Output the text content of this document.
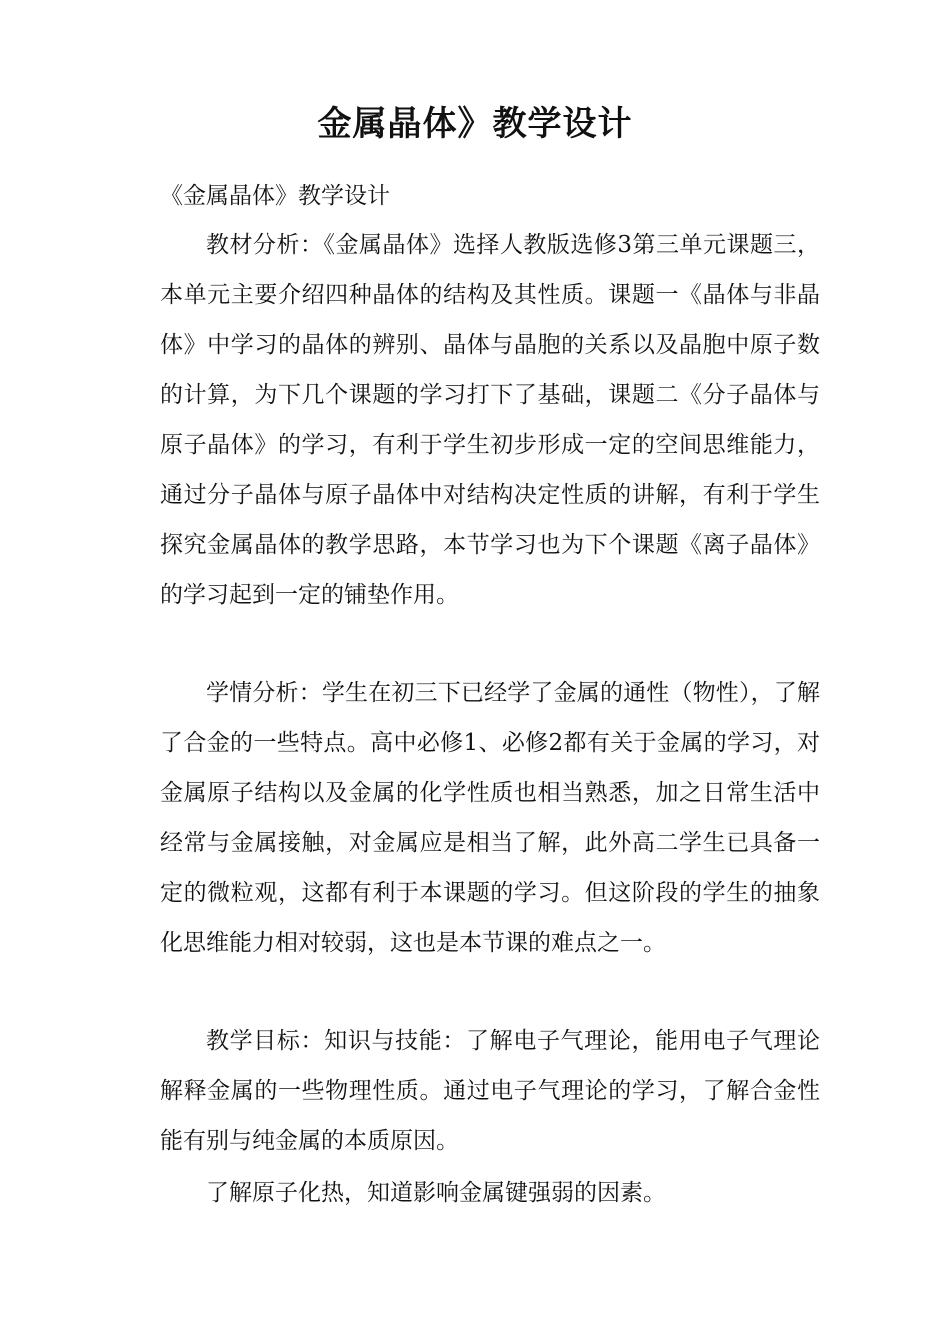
金属晶体》教学设计
《金属晶体》教学设计
教材分析：《金属晶体》选择人教版选修3第三单元课题三，本单元主要介绍四种晶体的结构及其性质。课题一《晶体与非晶体》中学习的晶体的辨别、晶体与晶胞的关系以及晶胞中原子数的计算，为下几个课题的学习打下了基础，课题二《分子晶体与原子晶体》的学习，有利于学生初步形成一定的空间思维能力，通过分子晶体与原子晶体中对结构决定性质的讲解，有利于学生探究金属晶体的教学思路，本节学习也为下个课题《离子晶体》的学习起到一定的铺垫作用。
学情分析：学生在初三下已经学了金属的通性（物性），了解了合金的一些特点。高中必修1、必修2都有关于金属的学习，对金属原子结构以及金属的化学性质也相当熟悉，加之日常生活中经常与金属接触，对金属应是相当了解，此外高二学生已具备一定的微粒观，这都有利于本课题的学习。但这阶段的学生的抽象化思维能力相对较弱，这也是本节课的难点之一。
教学目标：知识与技能：了解电子气理论，能用电子气理论解释金属的一些物理性质。通过电子气理论的学习，了解合金性能有别与纯金属的本质原因。
了解原子化热，知道影响金属键强弱的因素。
